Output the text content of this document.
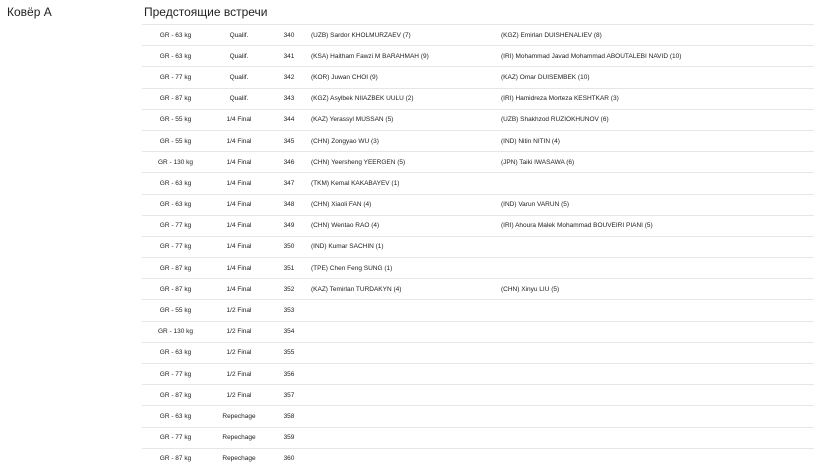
Ковёр A	Предстоящие встречи
GR - 63 kg	Qualif.	340	(UZB) Sardor KHOLMURZAEV (7)	(KGZ) Emirlan DUISHENALIEV (8)
GR - 63 kg	Qualif.	341	(KSA) Haitham Fawzi M BARAHMAH (9)	(IRI) Mohammad Javad Mohammad ABOUTALEBI NAVID (10)
GR - 77 kg	Qualif.	342	(KOR) Juwan CHOI (9)	(KAZ) Omar DUISEMBEK (10)
GR - 87 kg	Qualif.	343	(KGZ) Asylbek NIIAZBEK UULU (2)	(IRI) Hamidreza Morteza KESHTKAR (3)
GR - 55 kg	1/4 Final	344	(KAZ) Yerassyl MUSSAN (5)	(UZB) Shakhzod RUZIOKHUNOV (6)
GR - 55 kg	1/4 Final	345	(CHN) Zongyao WU (3)	(IND) Nitin NITIN (4)
GR - 130 kg	1/4 Final	346	(CHN) Yeersheng YEERGEN (5)	(JPN) Taiki IWASAWA (6)
GR - 63 kg	1/4 Final	347	(TKM) Kemal KAKABAYEV (1)	
GR - 63 kg	1/4 Final	348	(CHN) Xiaoli FAN (4)	(IND) Varun VARUN (5)
GR - 77 kg	1/4 Final	349	(CHN) Wentao RAO (4)	(IRI) Ahoura Malek Mohammad BOUVEIRI PIANI (5)
GR - 77 kg	1/4 Final	350	(IND) Kumar SACHIN (1)	
GR - 87 kg	1/4 Final	351	(TPE) Chen Feng SUNG (1)	
GR - 87 kg	1/4 Final	352	(KAZ) Temirlan TURDAKYN (4)	(CHN) Xinyu LIU (5)
GR - 55 kg	1/2 Final	353		
GR - 130 kg	1/2 Final	354		
GR - 63 kg	1/2 Final	355		
GR - 77 kg	1/2 Final	356		
GR - 87 kg	1/2 Final	357		
GR - 63 kg	Repechage	358		
GR - 77 kg	Repechage	359		
GR - 87 kg	Repechage	360		
